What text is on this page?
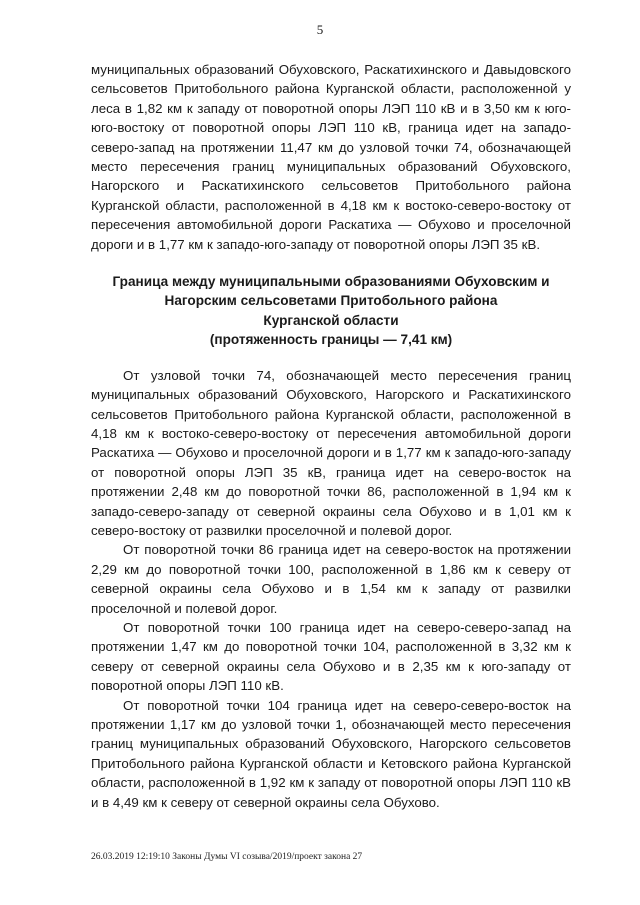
5

муниципальных образований Обуховского, Раскатихинского и Давыдовского сельсоветов Притобольного района Курганской области, расположенной у леса в 1,82 км к западу от поворотной опоры ЛЭП 110 кВ и в 3,50 км к юго-юго-востоку от поворотной опоры ЛЭП 110 кВ, граница идет на западо-северо-запад на протяжении 11,47 км до узловой точки 74, обозначающей место пересечения границ муниципальных образований Обуховского, Нагорского и Раскатихинского сельсоветов Притобольного района Курганской области, расположенной в 4,18 км к востоко-северо-востоку от пересечения автомобильной дороги Раскатиха — Обухово и проселочной дороги и в 1,77 км к западо-юго-западу от поворотной опоры ЛЭП 35 кВ.

Граница между муниципальными образованиями Обуховским и
Нагорским сельсоветами Притобольного района
Курганской области
(протяженность границы — 7,41 км)

От узловой точки 74, обозначающей место пересечения границ муниципальных образований Обуховского, Нагорского и Раскатихинского сельсоветов Притобольного района Курганской области, расположенной в 4,18 км к востоко-северо-востоку от пересечения автомобильной дороги Раскатиха — Обухово и проселочной дороги и в 1,77 км к западо-юго-западу от поворотной опоры ЛЭП 35 кВ, граница идет на северо-восток на протяжении 2,48 км до поворотной точки 86, расположенной в 1,94 км к западо-северо-западу от северной окраины села Обухово и в 1,01 км к северо-востоку от развилки проселочной и полевой дорог.

От поворотной точки 86 граница идет на северо-восток на протяжении 2,29 км до поворотной точки 100, расположенной в 1,86 км к северу от северной окраины села Обухово и в 1,54 км к западу от развилки проселочной и полевой дорог.

От поворотной точки 100 граница идет на северо-северо-запад на протяжении 1,47 км до поворотной точки 104, расположенной в 3,32 км к северу от северной окраины села Обухово и в 2,35 км к юго-западу от поворотной опоры ЛЭП 110 кВ.

От поворотной точки 104 граница идет на северо-северо-восток на протяжении 1,17 км до узловой точки 1, обозначающей место пересечения границ муниципальных образований Обуховского, Нагорского сельсоветов Притобольного района Курганской области и Кетовского района Курганской области, расположенной в 1,92 км к западу от поворотной опоры ЛЭП 110 кВ и в 4,49 км к северу от северной окраины села Обухово.

26.03.2019 12:19:10 Законы Думы VI созыва/2019/проект закона 27
